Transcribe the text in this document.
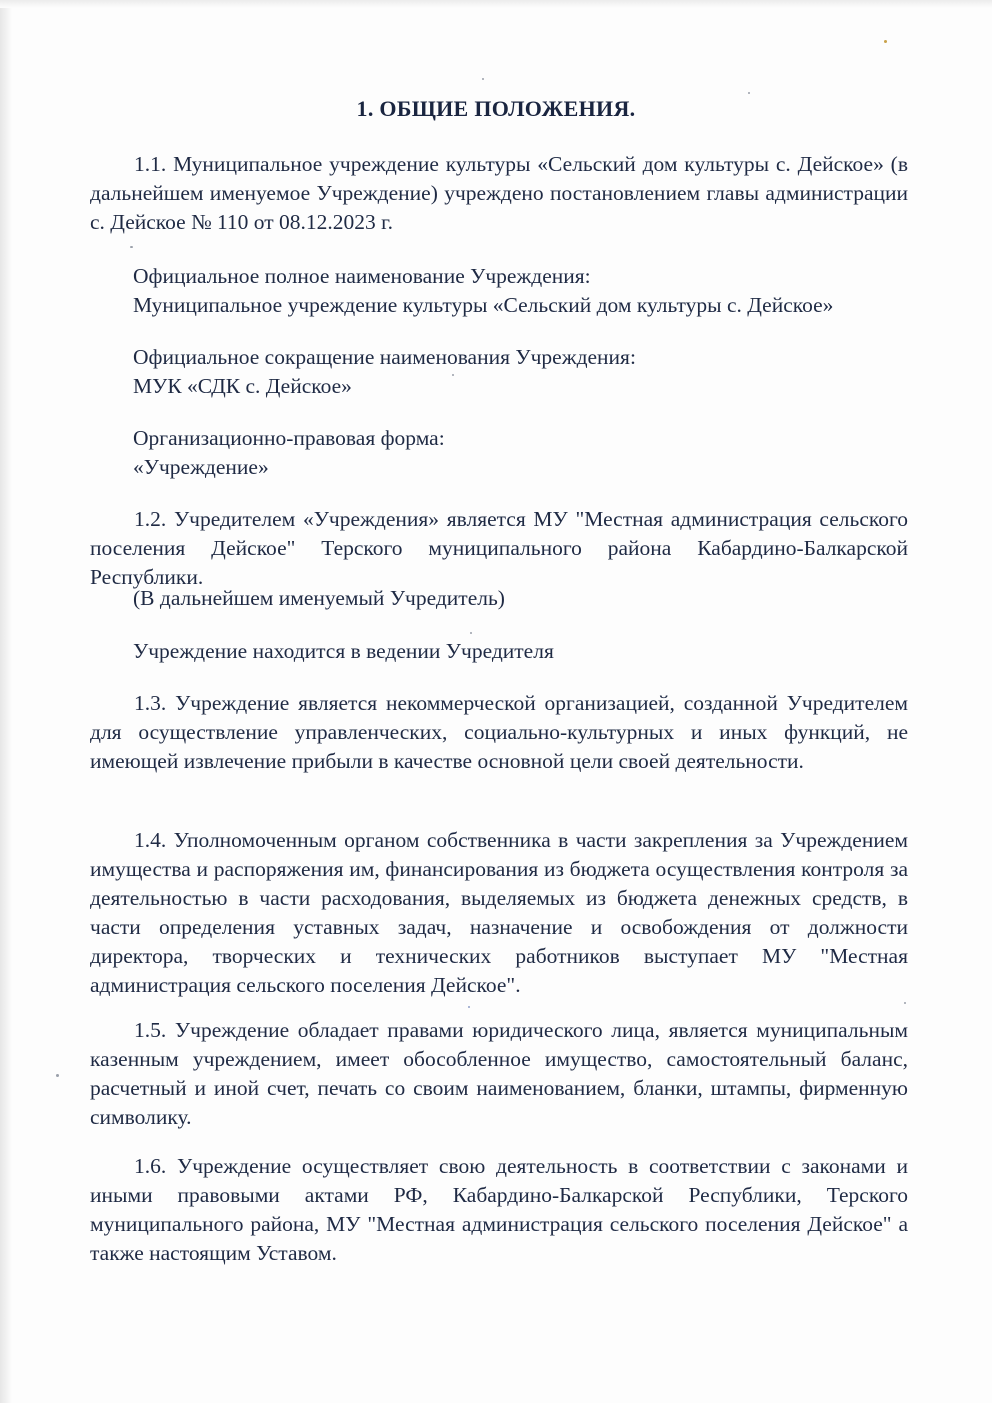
1. ОБЩИЕ ПОЛОЖЕНИЯ.

1.1. Муниципальное учреждение культуры «Сельский дом культуры с. Дейское» (в дальнейшем именуемое Учреждение) учреждено постановлением главы администрации с. Дейское № 110 от 08.12.2023 г.

Официальное полное наименование Учреждения:
Муниципальное учреждение культуры «Сельский дом культуры с. Дейское»
Официальное сокращение наименования Учреждения:
МУК «СДК с. Дейское»
Организационно-правовая форма:
«Учреждение»

1.2. Учредителем «Учреждения» является МУ "Местная администрация сельского поселения Дейское" Терского муниципального района Кабардино-Балкарской Республики.

(В дальнейшем именуемый Учредитель)
Учреждение находится в ведении Учредителя

1.3. Учреждение является некоммерческой организацией, созданной Учредителем для осуществление управленческих, социально-культурных и иных функций, не имеющей извлечение прибыли в качестве основной цели своей деятельности.

1.4. Уполномоченным органом собственника в части закрепления за Учреждением имущества и распоряжения им, финансирования из бюджета осуществления контроля за деятельностью в части расходования, выделяемых из бюджета денежных средств, в части определения уставных задач, назначение и освобождения от должности директора, творческих и технических работников выступает МУ "Местная администрация сельского поселения Дейское".

1.5. Учреждение обладает правами юридического лица, является муниципальным казенным учреждением, имеет обособленное имущество, самостоятельный баланс, расчетный и иной счет, печать со своим наименованием, бланки, штампы, фирменную символику.

1.6. Учреждение осуществляет свою деятельность в соответствии с законами и иными правовыми актами РФ, Кабардино-Балкарской Республики, Терского муниципального района, МУ "Местная администрация сельского поселения Дейское" а также настоящим Уставом.
